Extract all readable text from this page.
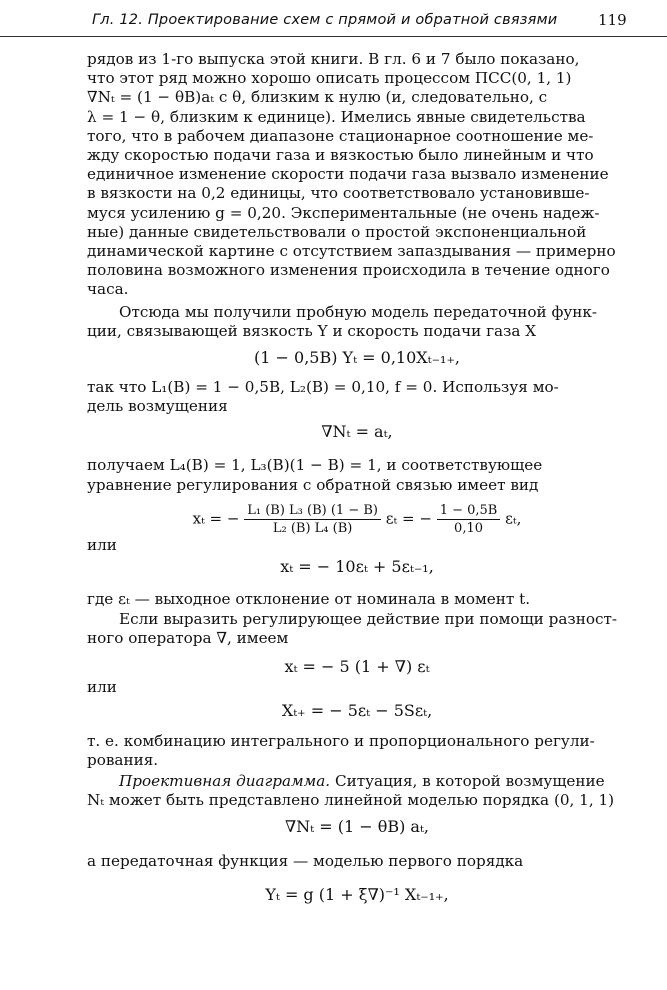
Гл. 12. Проектирование схем с прямой и обратной связями	119

рядов из 1-го выпуска этой книги. В гл. 6 и 7 было показано,

что этот ряд можно хорошо описать процессом ПСС(0, 1, 1)

∇Nₜ = (1 − θB)aₜ с θ, близким к нулю (и, следовательно, с

λ = 1 − θ, близким к единице). Имелись явные свидетельства

того, что в рабочем диапазоне стационарное соотношение ме-

жду скоростью подачи газа и вязкостью было линейным и что

единичное изменение скорости подачи газа вызвало изменение

в вязкости на 0,2 единицы, что соответствовало установивше-

муся усилению g = 0,20. Экспериментальные (не очень надеж-

ные) данные свидетельствовали о простой экспоненциальной

динамической картине с отсутствием запаздывания — примерно

половина возможного изменения происходила в течение одного

часа.

Отсюда мы получили пробную модель передаточной функ-

ции, связывающей вязкость Y и скорость подачи газа X

(1 − 0,5B) Yₜ = 0,10Xₜ₋₁₊,

так что L₁(B) = 1 − 0,5B, L₂(B) = 0,10, f = 0. Используя мо-

дель возмущения

∇Nₜ = aₜ,

получаем L₄(B) = 1, L₃(B)(1 − B) = 1, и соответствующее

уравнение регулирования с обратной связью имеет вид

xₜ = − $\frac{\text{L₁ (B) L₃ (B) (1 − B)}}{\text{L₂ (B) L₄ (B)}}$ εₜ = − $\frac{1 - 0,5B}{0,10} \varepsilon_t$,

или

xₜ = − 10εₜ + 5εₜ₋₁,

где εₜ — выходное отклонение от номинала в момент t.

Если выразить регулирующее действие при помощи разност-

ного оператора ∇, имеем

xₜ = − 5 (1 + ∇) εₜ

или

Xₜ₊ = − 5εₜ − 5Sεₜ,

т. е. комбинацию интегрального и пропорционального регули-

рования.

Проективная диаграмма. Ситуация, в которой возмущение

Nₜ может быть представлено линейной моделью порядка (0, 1, 1)

∇Nₜ = (1 − θB) aₜ,

а передаточная функция — моделью первого порядка

Yₜ = g (1 + ξ∇)⁻¹ Xₜ₋₁₊,
